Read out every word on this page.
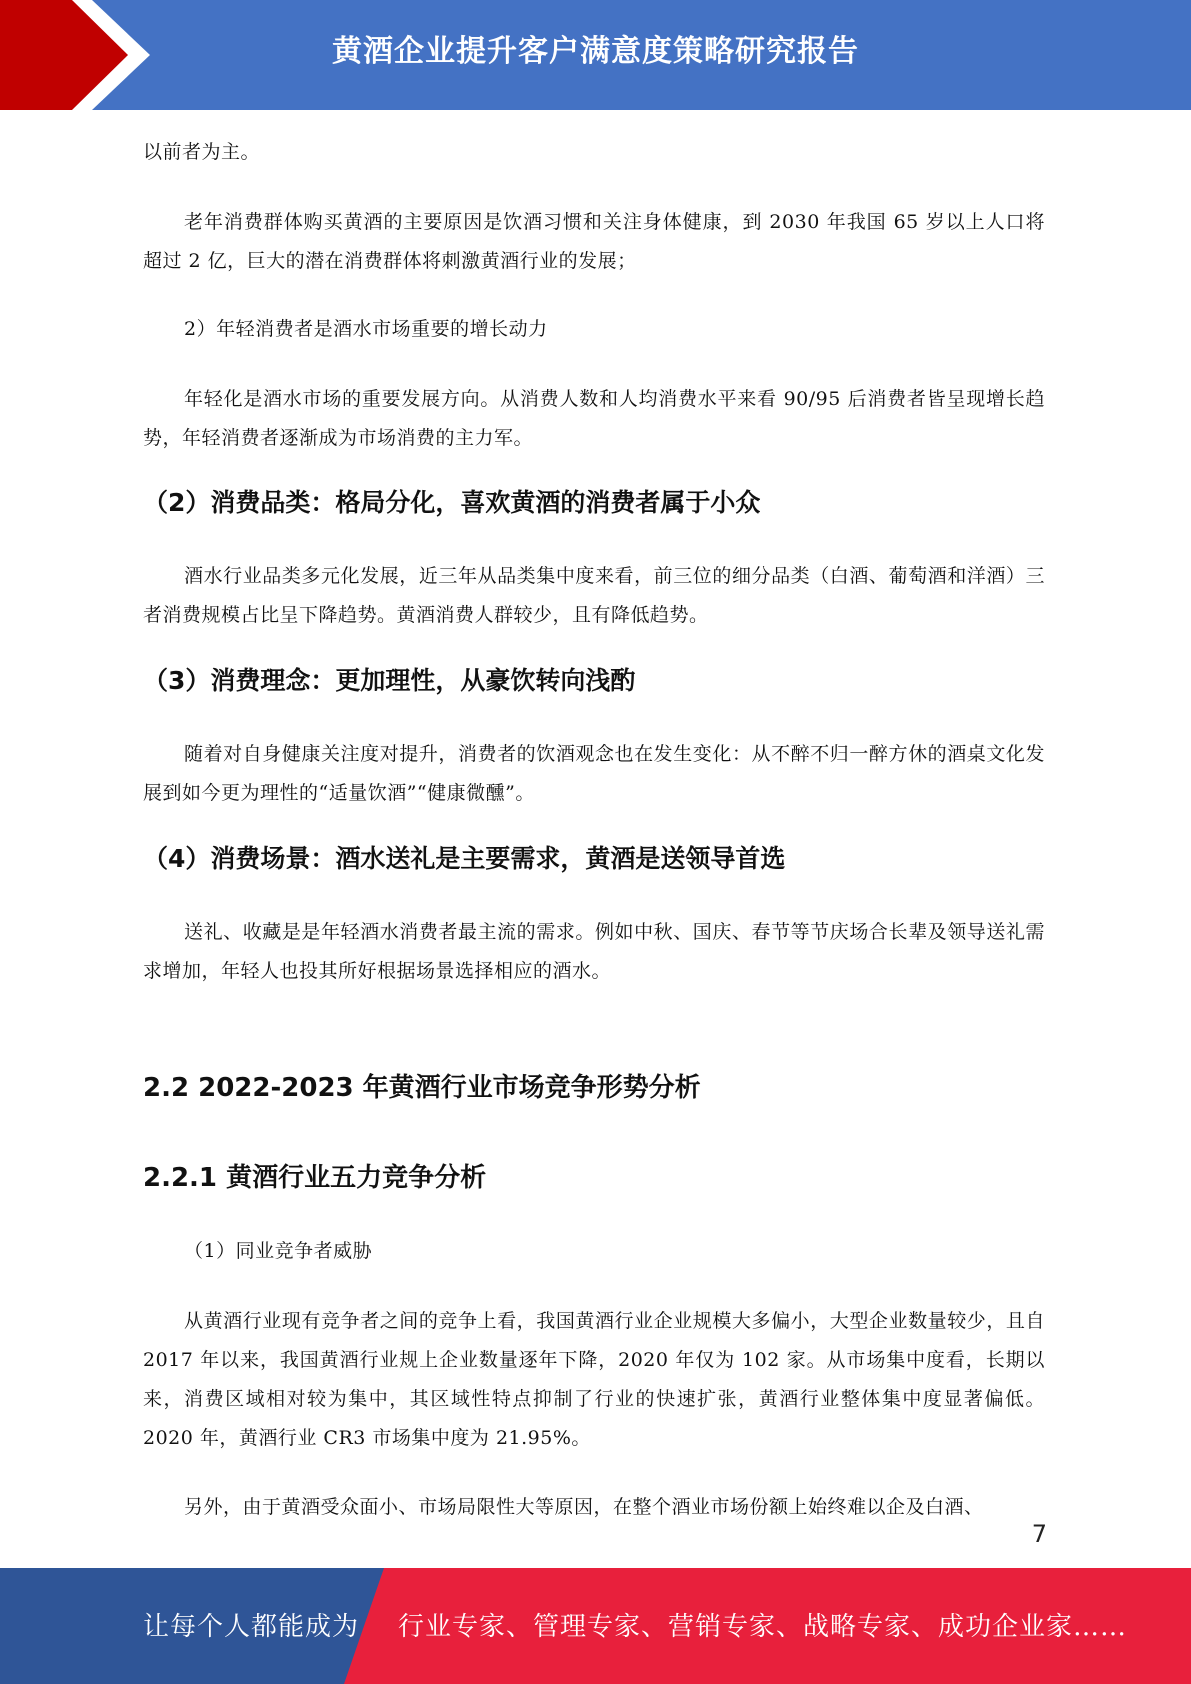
黄酒企业提升客户满意度策略研究报告

以前者为主。

老年消费群体购买黄酒的主要原因是饮酒习惯和关注身体健康，到 2030 年我国 65 岁以上人口将超过 2 亿，巨大的潜在消费群体将刺激黄酒行业的发展；

2）年轻消费者是酒水市场重要的增长动力

年轻化是酒水市场的重要发展方向。从消费人数和人均消费水平来看 90/95 后消费者皆呈现增长趋势，年轻消费者逐渐成为市场消费的主力军。

（2）消费品类：格局分化，喜欢黄酒的消费者属于小众

酒水行业品类多元化发展，近三年从品类集中度来看，前三位的细分品类（白酒、葡萄酒和洋酒）三者消费规模占比呈下降趋势。黄酒消费人群较少，且有降低趋势。

（3）消费理念：更加理性，从豪饮转向浅酌

随着对自身健康关注度对提升，消费者的饮酒观念也在发生变化：从不醉不归一醉方休的酒桌文化发展到如今更为理性的“适量饮酒”“健康微醺”。

（4）消费场景：酒水送礼是主要需求，黄酒是送领导首选

送礼、收藏是是年轻酒水消费者最主流的需求。例如中秋、国庆、春节等节庆场合长辈及领导送礼需求增加，年轻人也投其所好根据场景选择相应的酒水。

2.2 2022-2023 年黄酒行业市场竞争形势分析
2.2.1 黄酒行业五力竞争分析

（1）同业竞争者威胁

从黄酒行业现有竞争者之间的竞争上看，我国黄酒行业企业规模大多偏小，大型企业数量较少，且自 2017 年以来，我国黄酒行业规上企业数量逐年下降，2020 年仅为 102 家。从市场集中度看，长期以来，消费区域相对较为集中，其区域性特点抑制了行业的快速扩张，黄酒行业整体集中度显著偏低。2020 年，黄酒行业 CR3 市场集中度为 21.95%。

另外，由于黄酒受众面小、市场局限性大等原因，在整个酒业市场份额上始终难以企及白酒、

7
让每个人都能成为 行业专家、管理专家、营销专家、战略专家、成功企业家……
